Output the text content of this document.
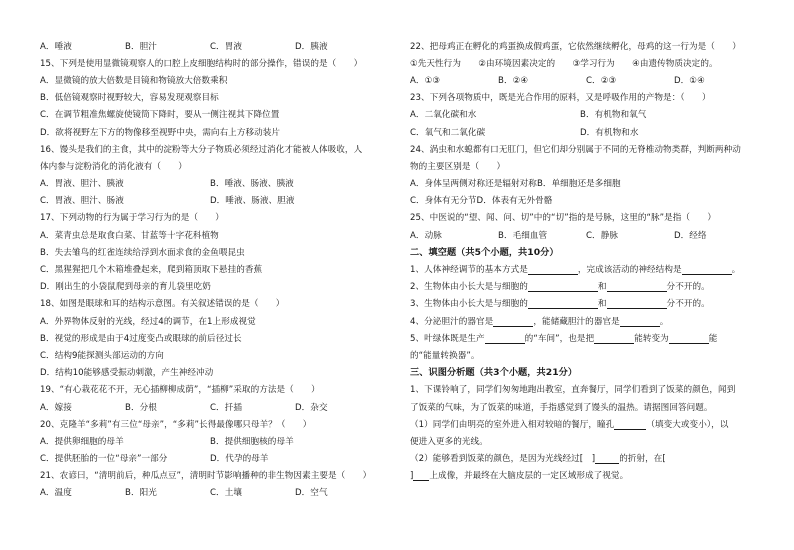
A．唾液	B．胆汁	C．胃液	D．胰液
15、下列是使用显微镜观察人的口腔上皮细胞结构时的部分操作，错误的是（　　）
A．显微镜的放大倍数是目镜和物镜放大倍数乘积
B．低倍镜观察时视野较大，容易发现观察目标
C．在调节粗准焦螺旋使镜筒下降时，要从一侧注视其下降位置
D．欲将视野左下方的物像移至视野中央，需向右上方移动装片
16、馒头是我们的主食，其中的淀粉等大分子物质必须经过消化才能被人体吸收，人
体内参与淀粉消化的消化液有（　　）
A．胃液、胆汁、胰液	B．唾液、肠液、胰液
C．胃液、胆汁、肠液	D．唾液、肠液、胆液
17、下列动物的行为属于学习行为的是（　　）
A．菜青虫总是取食白菜、甘蓝等十字花科植物
B．失去雏鸟的红雀连续给浮到水面求食的金鱼喂昆虫
C．黑猩猩把几个木箱堆叠起来，爬到箱顶取下悬挂的香蕉
D．刚出生的小袋鼠爬到母亲的育儿袋里吃奶
18、如图是眼球和耳的结构示意图。有关叙述错误的是（　　）
A．外界物体反射的光线，经过4的调节，在1上形成视觉
B．视觉的形成是由于4过度变凸或眼球的前后径过长
C．结构9能探测头部运动的方向
D．结构10能够感受振动刺激，产生神经冲动
19、“有心栽花花不开，无心插柳柳成荫”，“插柳”采取的方法是（　　）
A．嫁接	B．分根	C．扦插	D．杂交
20、克隆羊“多莉”有三位“母亲”，“多莉”长得最像哪只母羊？（　　）
A．提供卵细胞的母羊	B．提供细胞核的母羊
C．提供胚胎的一位“母亲”一部分	D．代孕的母羊
21、农谚曰，“清明前后，种瓜点豆”，清明时节影响播种的非生物因素主要是（　　）
A．温度	B．阳光	C．土壤	D．空气
22、把母鸡正在孵化的鸡蛋换成假鸡蛋，它依然继续孵化，母鸡的这一行为是（　　）
①先天性行为　　②由环境因素决定的　　③学习行为　　④由遗传物质决定的。
A．①③	B．②④	C．②③	D．①④
23、下列各项物质中，既是光合作用的原料，又是呼吸作用的产物是：（　　）
A．二氧化碳和水	B．有机物和氧气
C．氧气和二氧化碳	D．有机物和水
24、涡虫和水螅都有口无肛门，但它们却分别属于不同的无脊椎动物类群，判断两种动
物的主要区别是（　　）
A．身体呈两侧对称还是辐射对称B．单细胞还是多细胞
C．身体有无分节D．体表有无外骨骼
25、中医说的“望、闻、问、切”中的“切”指的是号脉，这里的“脉”是指（　　）
A．动脉	B．毛细血管	C．静脉	D．经络
二、填空题（共5个小题，共10分）
1、人体神经调节的基本方式是	，完成该活动的神经结构是	。
2、生物体由小长大是与细胞的	和	分不开的。
3、生物体由小长大是与细胞的	和	分不开的。
4、分泌胆汁的器官是	，能储藏胆汁的器官是	。
5、叶绿体既是生产	的“车间”，也是把	能转变为	能
的“能量转换器”。
三、识图分析题（共3个小题，共21分）
1、下课铃响了，同学们匆匆地跑出教室，直奔餐厅，同学们看到了饭菜的颜色，闻到
了饭菜的气味，为了饭菜的味道，手指感觉到了馒头的温热。请据图回答问题。
（1）同学们由明亮的室外进入相对较暗的餐厅，瞳孔	（填变大或变小），以
便进入更多的光线。
（2）能够看到饭菜的颜色，是因为光线经过[　]	的折射，在[
] 上成像，并最终在大脑皮层的一定区域形成了视觉。
